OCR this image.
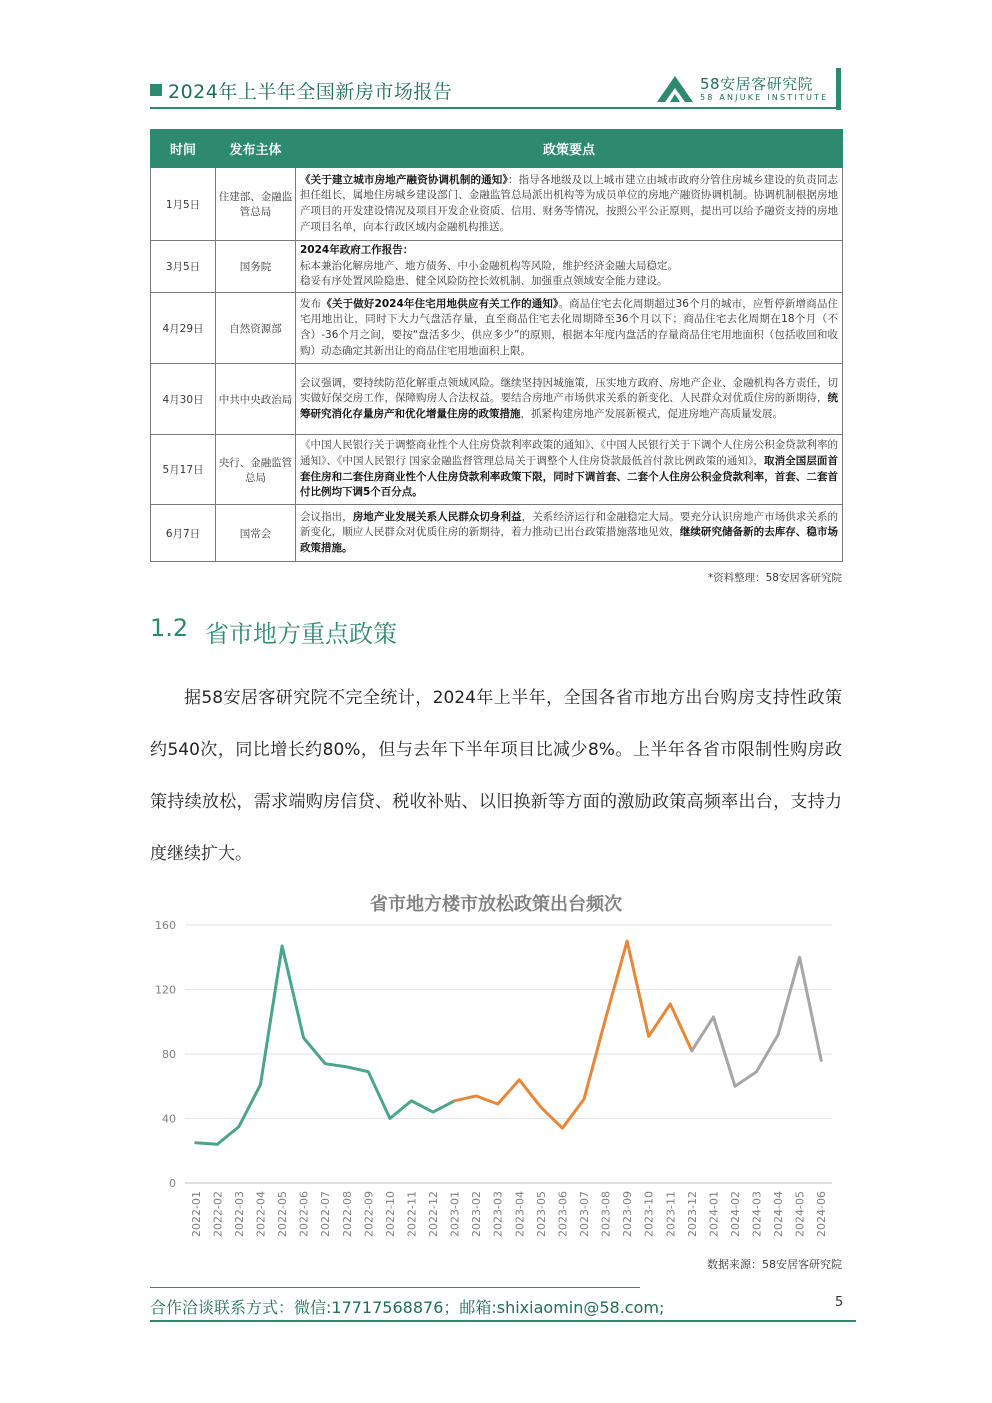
2024年上半年全国新房市场报告	58安居客研究院
58 ANJUKE INSTITUTE
时间	发布主体	政策要点
1月5日	住建部、金融监管总局	《关于建立城市房地产融资协调机制的通知》：指导各地级及以上城市建立由城市政府分管住房城乡建设的负责同志担任组长，属地住房城乡建设部门、金融监管总局派出机构等为成员单位的房地产融资协调机制。协调机制根据房地产项目的开发建设情况及项目开发企业资质、信用、财务等情况，按照公平公正原则，提出可以给予融资支持的房地产项目名单，向本行政区域内金融机构推送。
3月5日	国务院	2024年政府工作报告：
标本兼治化解房地产、地方债务、中小金融机构等风险，维护经济金融大局稳定。
稳妥有序处置风险隐患、健全风险防控长效机制、加强重点领域安全能力建设。
4月29日	自然资源部	发布《关于做好2024年住宅用地供应有关工作的通知》。商品住宅去化周期超过36个月的城市，应暂停新增商品住宅用地出让，同时下大力气盘活存量，直至商品住宅去化周期降至36个月以下；商品住宅去化周期在18个月（不含）-36个月之间，要按“盘活多少、供应多少”的原则，根据本年度内盘活的存量商品住宅用地面积（包括收回和收购）动态确定其新出让的商品住宅用地面积上限。
4月30日	中共中央政治局	会议强调，要持续防范化解重点领域风险。继续坚持因城施策，压实地方政府、房地产企业、金融机构各方责任，切实做好保交房工作，保障购房人合法权益。要结合房地产市场供求关系的新变化、人民群众对优质住房的新期待，统筹研究消化存量房产和优化增量住房的政策措施，抓紧构建房地产发展新模式，促进房地产高质量发展。
5月17日	央行、金融监管总局	《中国人民银行关于调整商业性个人住房贷款利率政策的通知》、《中国人民银行关于下调个人住房公积金贷款利率的通知》、《中国人民银行 国家金融监督管理总局关于调整个人住房贷款最低首付款比例政策的通知》，取消全国层面首套住房和二套住房商业性个人住房贷款利率政策下限，同时下调首套、二套个人住房公积金贷款利率，首套、二套首付比例均下调5个百分点。
6月7日	国常会	会议指出，房地产业发展关系人民群众切身利益，关系经济运行和金融稳定大局。要充分认识房地产市场供求关系的新变化，顺应人民群众对优质住房的新期待，着力推动已出台政策措施落地见效，继续研究储备新的去库存、稳市场政策措施。
*资料整理：58安居客研究院
1.2 省市地方重点政策
据58安居客研究院不完全统计，2024年上半年，全国各省市地方出台购房支持性政策约540次，同比增长约80%，但与去年下半年项目比减少8%。上半年各省市限制性购房政策持续放松，需求端购房信贷、税收补贴、以旧换新等方面的激励政策高频率出台，支持力度继续扩大。
省市地方楼市放松政策出台频次
0
40
80
120
160
2022-01 2022-02 2022-03 2022-04 2022-05 2022-06 2022-07 2022-08 2022-09 2022-10 2022-11 2022-12 2023-01 2023-02 2023-03 2023-04 2023-05 2023-06 2023-07 2023-08 2023-09 2023-10 2023-11 2023-12 2024-01 2024-02 2024-03 2024-04 2024-05 2024-06
数据来源：58安居客研究院
合作洽谈联系方式：微信:17717568876；邮箱:shixiaomin@58.com;	5
